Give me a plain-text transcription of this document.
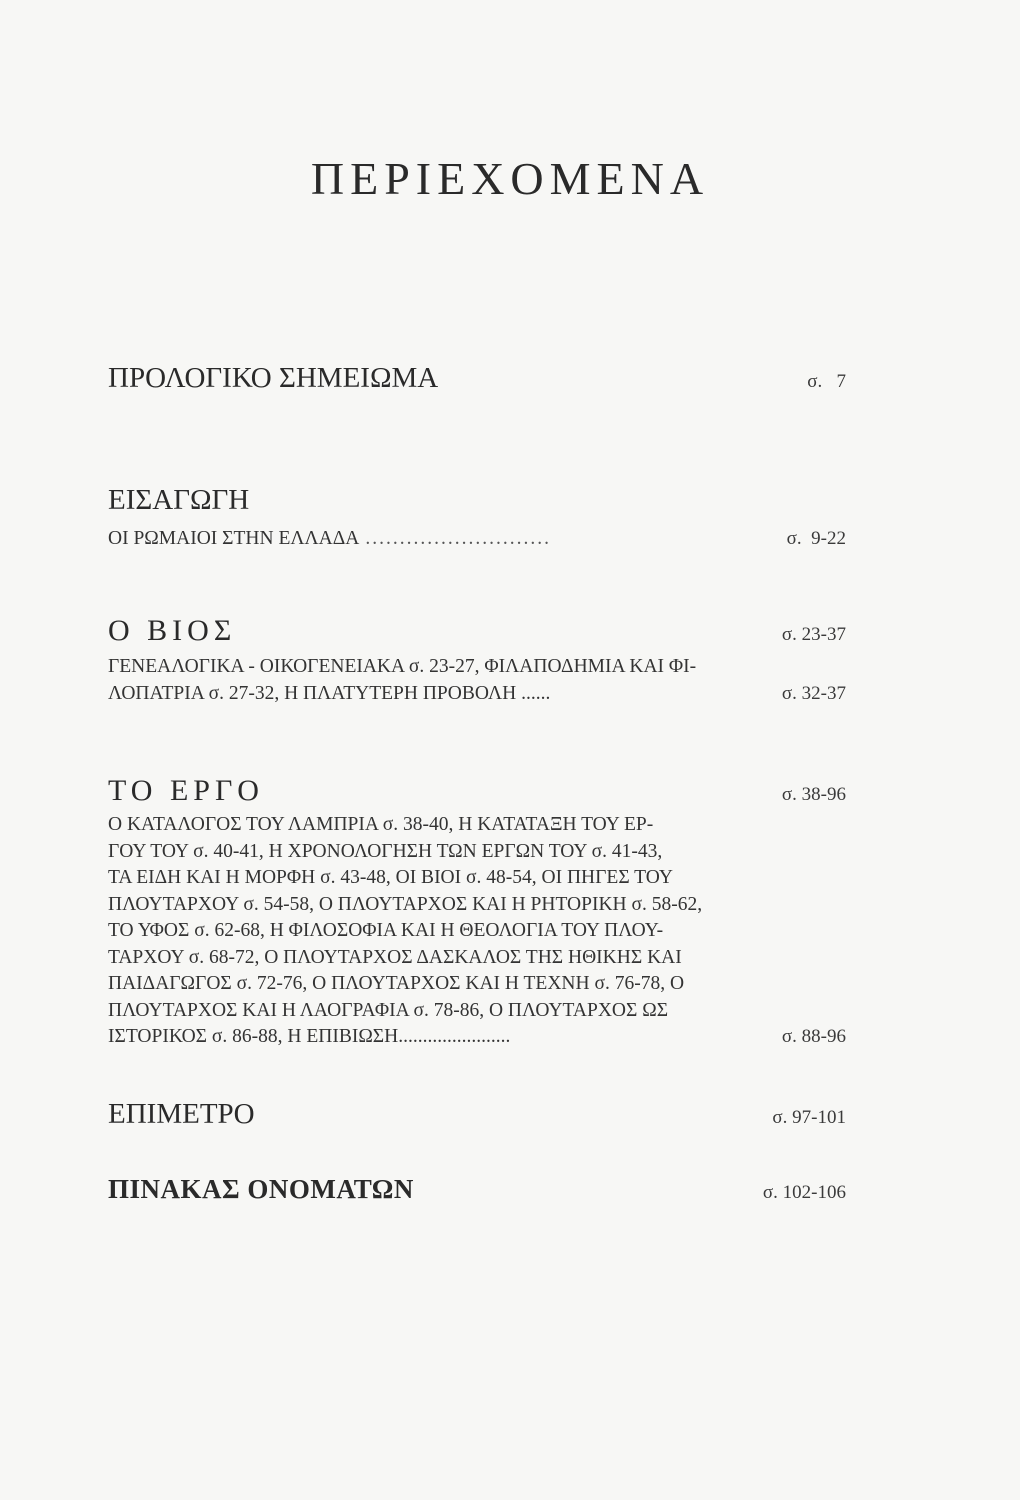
ΠΕΡΙΕΧΟΜΕΝΑ
ΠΡΟΛΟΓΙΚΟ ΣΗΜΕΙΩΜΑ	σ.   7
ΕΙΣΑΓΩΓΗ
ΟΙ ΡΩΜΑΙΟΙ ΣΤΗΝ ΕΛΛΑΔΑ ...........................	σ.  9-22
Ο ΒΙΟΣ	σ. 23-37
ΓΕΝΕΑΛΟΓΙΚΑ - ΟΙΚΟΓΕΝΕΙΑΚΑ σ. 23-27, ΦΙΛΑΠΟΔΗΜΙΑ ΚΑΙ ΦΙ-
ΛΟΠΑΤΡΙΑ σ. 27-32, Η ΠΛΑΤΥΤΕΡΗ ΠΡΟΒΟΛΗ ......	σ. 32-37
ΤΟ ΕΡΓΟ	σ. 38-96
Ο ΚΑΤΑΛΟΓΟΣ ΤΟΥ ΛΑΜΠΡΙΑ σ. 38-40, Η ΚΑΤΑΤΑΞΗ ΤΟΥ ΕΡ-
ΓΟΥ ΤΟΥ σ. 40-41, Η ΧΡΟΝΟΛΟΓΗΣΗ ΤΩΝ ΕΡΓΩΝ ΤΟΥ σ. 41-43,
ΤΑ ΕΙΔΗ ΚΑΙ Η ΜΟΡΦΗ σ. 43-48, ΟΙ ΒΙΟΙ σ. 48-54, ΟΙ ΠΗΓΕΣ ΤΟΥ
ΠΛΟΥΤΑΡΧΟΥ σ. 54-58, Ο ΠΛΟΥΤΑΡΧΟΣ ΚΑΙ Η ΡΗΤΟΡΙΚΗ σ. 58-62,
ΤΟ ΥΦΟΣ σ. 62-68, Η ΦΙΛΟΣΟΦΙΑ ΚΑΙ Η ΘΕΟΛΟΓΙΑ ΤΟΥ ΠΛΟΥ-
ΤΑΡΧΟΥ σ. 68-72, Ο ΠΛΟΥΤΑΡΧΟΣ ΔΑΣΚΑΛΟΣ ΤΗΣ ΗΘΙΚΗΣ ΚΑΙ
ΠΑΙΔΑΓΩΓΟΣ σ. 72-76, Ο ΠΛΟΥΤΑΡΧΟΣ ΚΑΙ Η ΤΕΧΝΗ σ. 76-78, Ο
ΠΛΟΥΤΑΡΧΟΣ ΚΑΙ Η ΛΑΟΓΡΑΦΙΑ σ. 78-86, Ο ΠΛΟΥΤΑΡΧΟΣ ΩΣ
ΙΣΤΟΡΙΚΟΣ σ. 86-88, Η ΕΠΙΒΙΩΣΗ.......................	σ. 88-96
ΕΠΙΜΕΤΡΟ	σ. 97-101
ΠΙΝΑΚΑΣ ΟΝΟΜΑΤΩΝ	σ. 102-106
